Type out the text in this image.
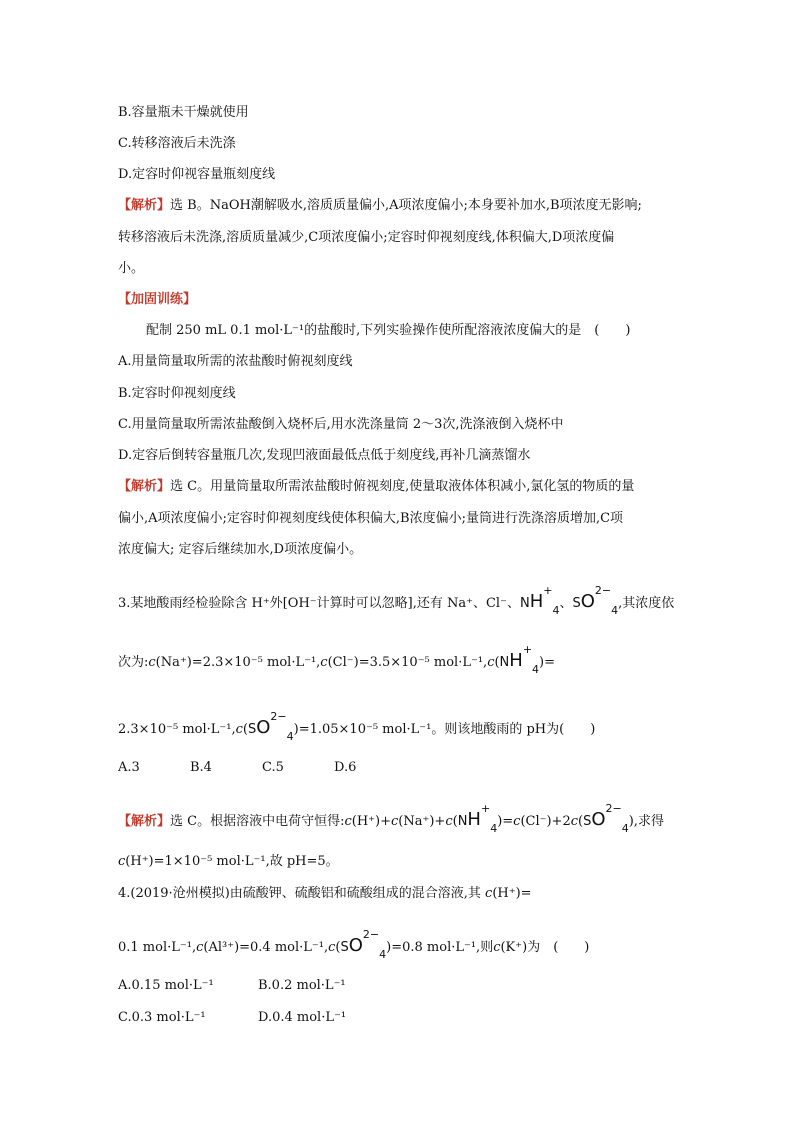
B.容量瓶未干燥就使用
C.转移溶液后未洗涤
D.定容时仰视容量瓶刻度线
【解析】选 B。NaOH潮解吸水,溶质质量偏小,A项浓度偏小;本身要补加水,B项浓度无影响;
转移溶液后未洗涤,溶质质量减少,C项浓度偏小;定容时仰视刻度线,体积偏大,D项浓度偏
小。
【加固训练】
配制 250 mL 0.1 mol·L⁻¹的盐酸时,下列实验操作使所配溶液浓度偏大的是　(　　)
A.用量筒量取所需的浓盐酸时俯视刻度线
B.定容时仰视刻度线
C.用量筒量取所需浓盐酸倒入烧杯后,用水洗涤量筒 2～3次,洗涤液倒入烧杯中
D.定容后倒转容量瓶几次,发现凹液面最低点低于刻度线,再补几滴蒸馏水
【解析】选 C。用量筒量取所需浓盐酸时俯视刻度,使量取液体体积减小,氯化氢的物质的量
偏小,A项浓度偏小;定容时仰视刻度线使体积偏大,B浓度偏小;量筒进行洗涤溶质增加,C项
浓度偏大; 定容后继续加水,D项浓度偏小。
3.某地酸雨经检验除含 H⁺外[OH⁻计算时可以忽略],还有 Na⁺、Cl⁻、$NH^+_4$、$SO^{2-}_4$,其浓度依
次为:c(Na⁺)=2.3×10⁻⁵ mol·L⁻¹,c(Cl⁻)=3.5×10⁻⁵ $mol\cdot L^{-1},c(NH^+_4)=$
2.3×10⁻⁵ $mol\cdot L^{-1},c(SO^{2-}_4)=1.05\times 10^{-5}$ mol·L⁻¹。则该地酸雨的 pH为(　　)
A.3	B.4	C.5	D.6
【解析】选 C。根据溶液中电荷守恒得$:c(H^+)+c(Na^+)+c(NH^+_4)=c(Cl^-)+2c(SO^{2-}_4)$,求得
c(H⁺)=1×10⁻⁵ mol·L⁻¹,故 pH=5。
4.(2019·沧州模拟)由硫酸钾、硫酸铝和硫酸组成的混合溶液,其 c(H⁺)=
0.1 mol·L⁻¹,c(Al³⁺)=0.4 $mol\cdot L^{-1},c(SO^{2-}_4)=0.8$ mol·L⁻¹,则c(K⁺)为　(　　)
A.0.15 mol·L⁻¹	B.0.2 mol·L⁻¹
C.0.3 mol·L⁻¹	D.0.4 mol·L⁻¹
